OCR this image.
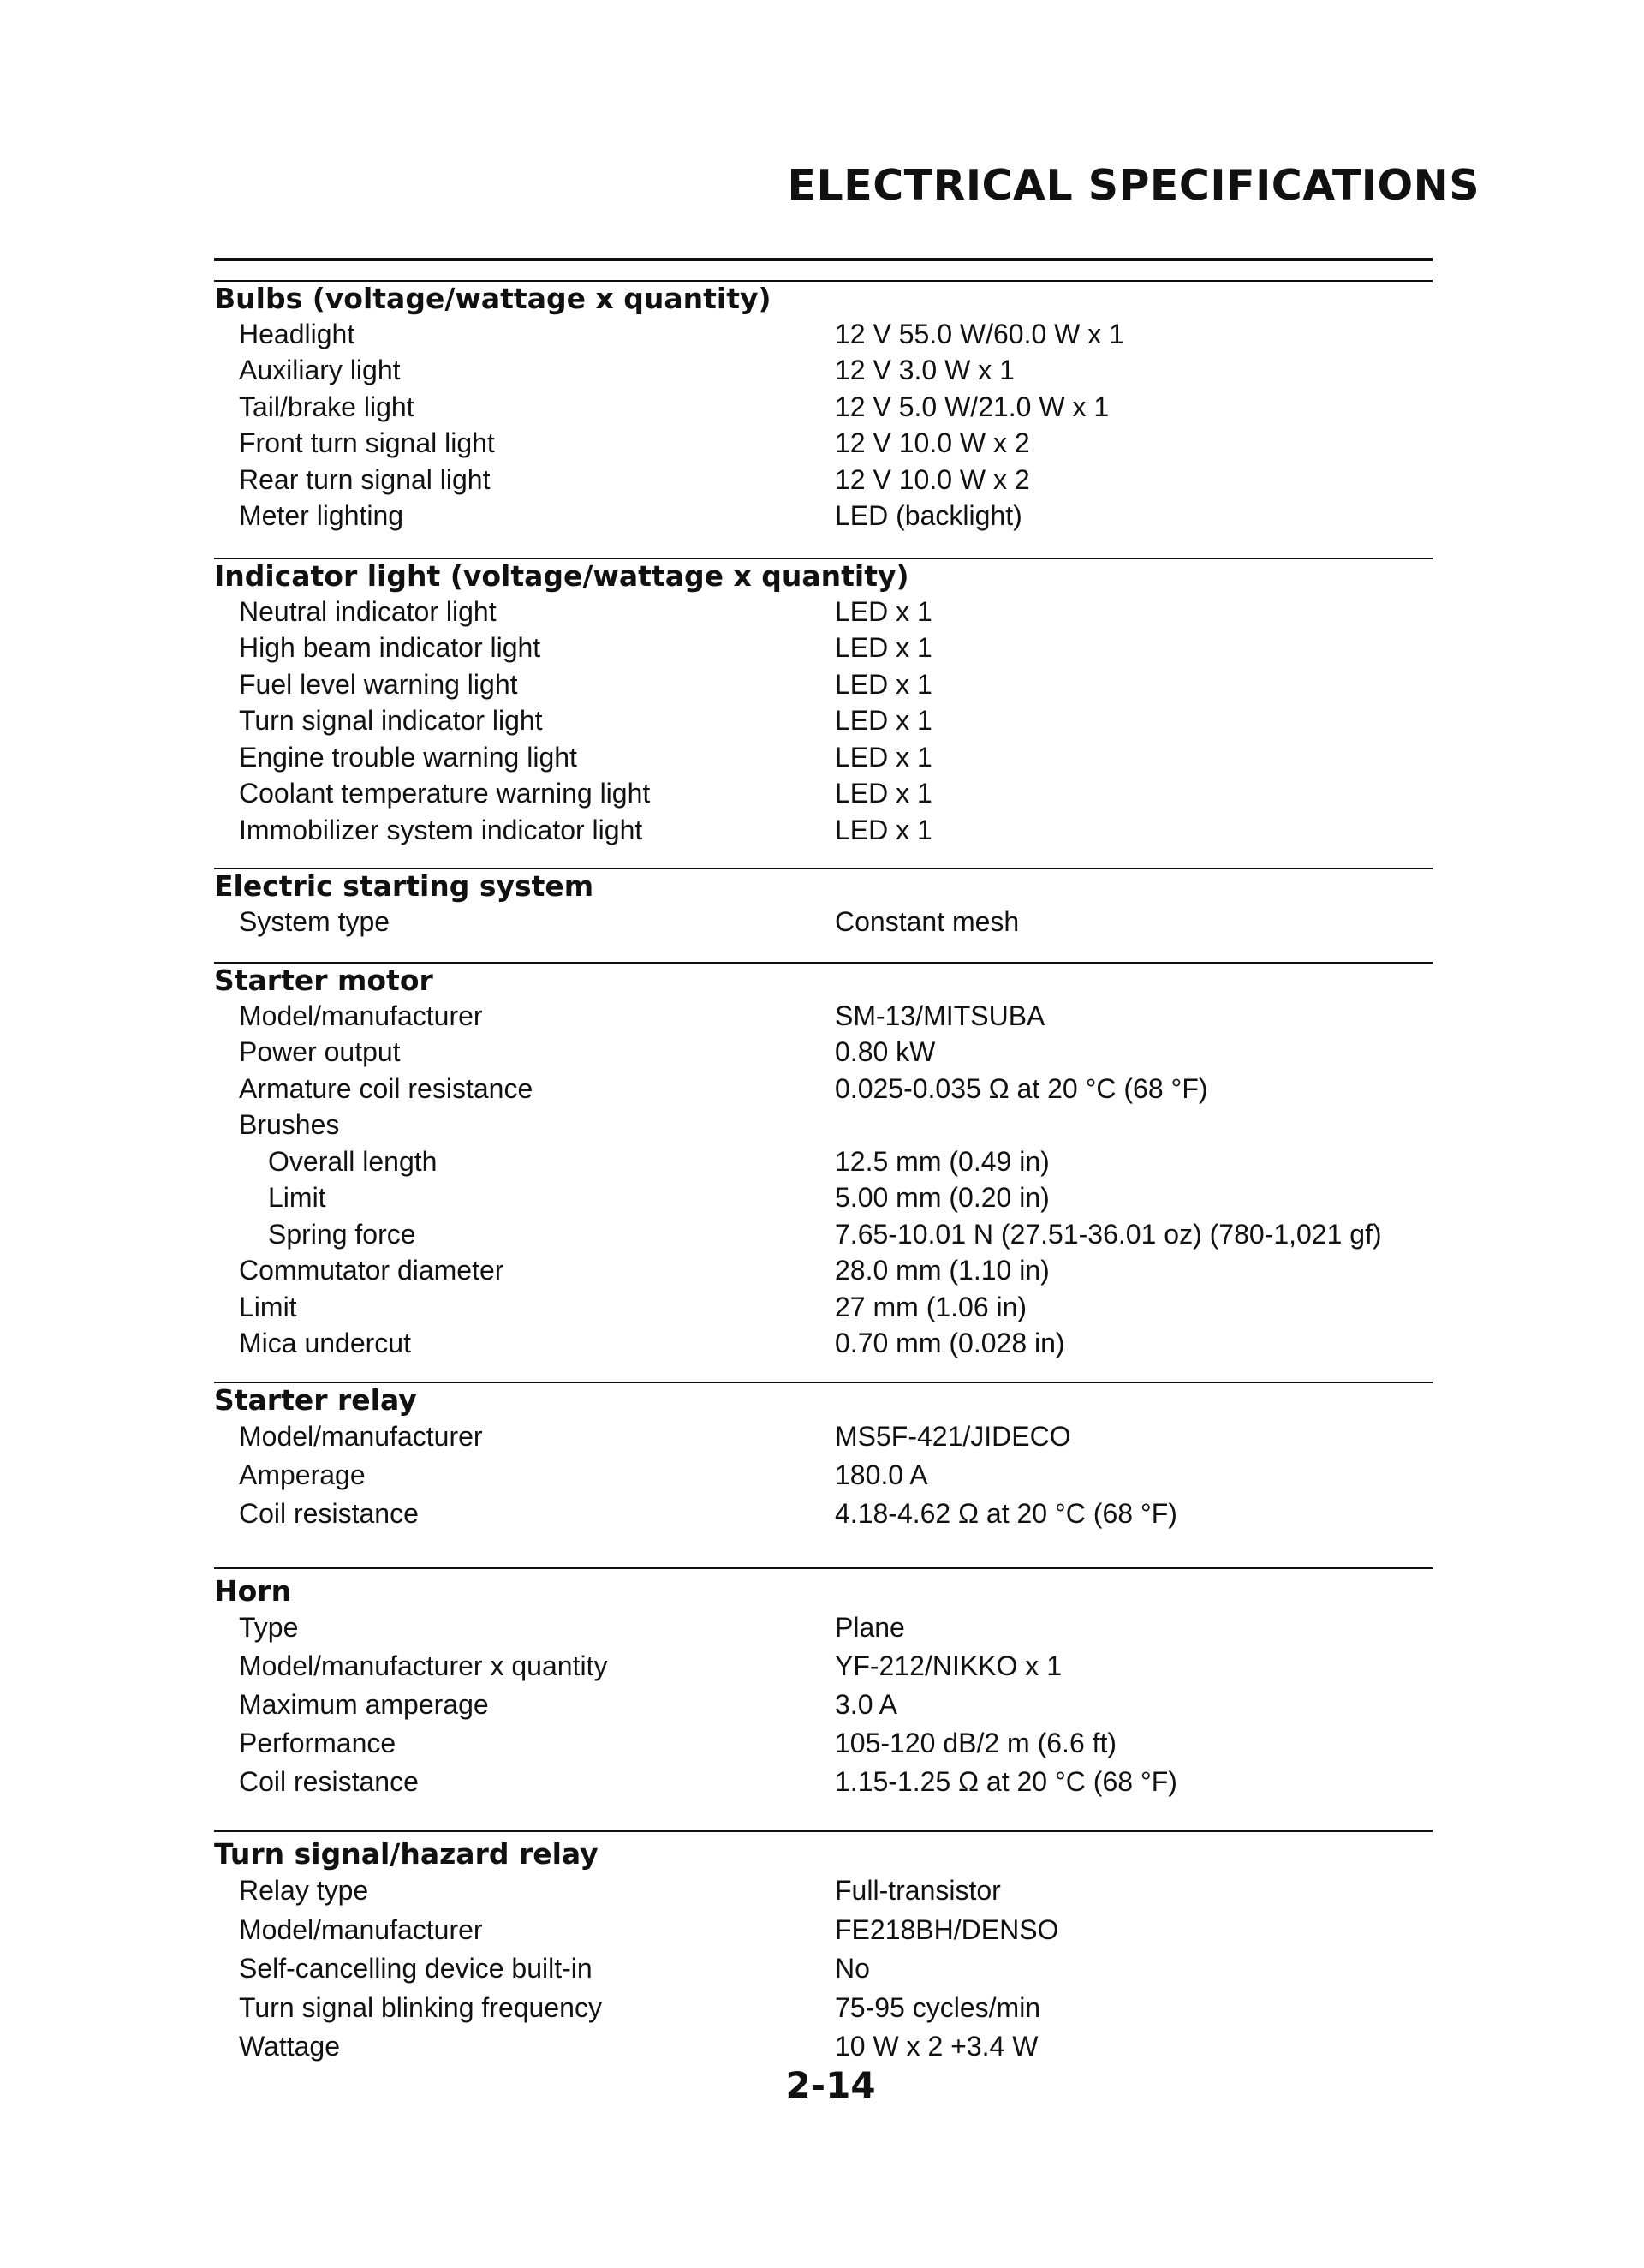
ELECTRICAL SPECIFICATIONS
Bulbs (voltage/wattage x quantity)
Headlight	12 V 55.0 W/60.0 W x 1
Auxiliary light	12 V 3.0 W x 1
Tail/brake light	12 V 5.0 W/21.0 W x 1
Front turn signal light	12 V 10.0 W x 2
Rear turn signal light	12 V 10.0 W x 2
Meter lighting	LED (backlight)
Indicator light (voltage/wattage x quantity)
Neutral indicator light	LED x 1
High beam indicator light	LED x 1
Fuel level warning light	LED x 1
Turn signal indicator light	LED x 1
Engine trouble warning light	LED x 1
Coolant temperature warning light	LED x 1
Immobilizer system indicator light	LED x 1
Electric starting system
System type	Constant mesh
Starter motor
Model/manufacturer	SM-13/MITSUBA
Power output	0.80 kW
Armature coil resistance	0.025-0.035 Ω at 20 °C (68 °F)
Brushes
Overall length	12.5 mm (0.49 in)
Limit	5.00 mm (0.20 in)
Spring force	7.65-10.01 N (27.51-36.01 oz) (780-1,021 gf)
Commutator diameter	28.0 mm (1.10 in)
Limit	27 mm (1.06 in)
Mica undercut	0.70 mm (0.028 in)
Starter relay
Model/manufacturer	MS5F-421/JIDECO
Amperage	180.0 A
Coil resistance	4.18-4.62 Ω at 20 °C (68 °F)
Horn
Type	Plane
Model/manufacturer x quantity	YF-212/NIKKO x 1
Maximum amperage	3.0 A
Performance	105-120 dB/2 m (6.6 ft)
Coil resistance	1.15-1.25 Ω at 20 °C (68 °F)
Turn signal/hazard relay
Relay type	Full-transistor
Model/manufacturer	FE218BH/DENSO
Self-cancelling device built-in	No
Turn signal blinking frequency	75-95 cycles/min
Wattage	10 W x 2 +3.4 W
2-14
